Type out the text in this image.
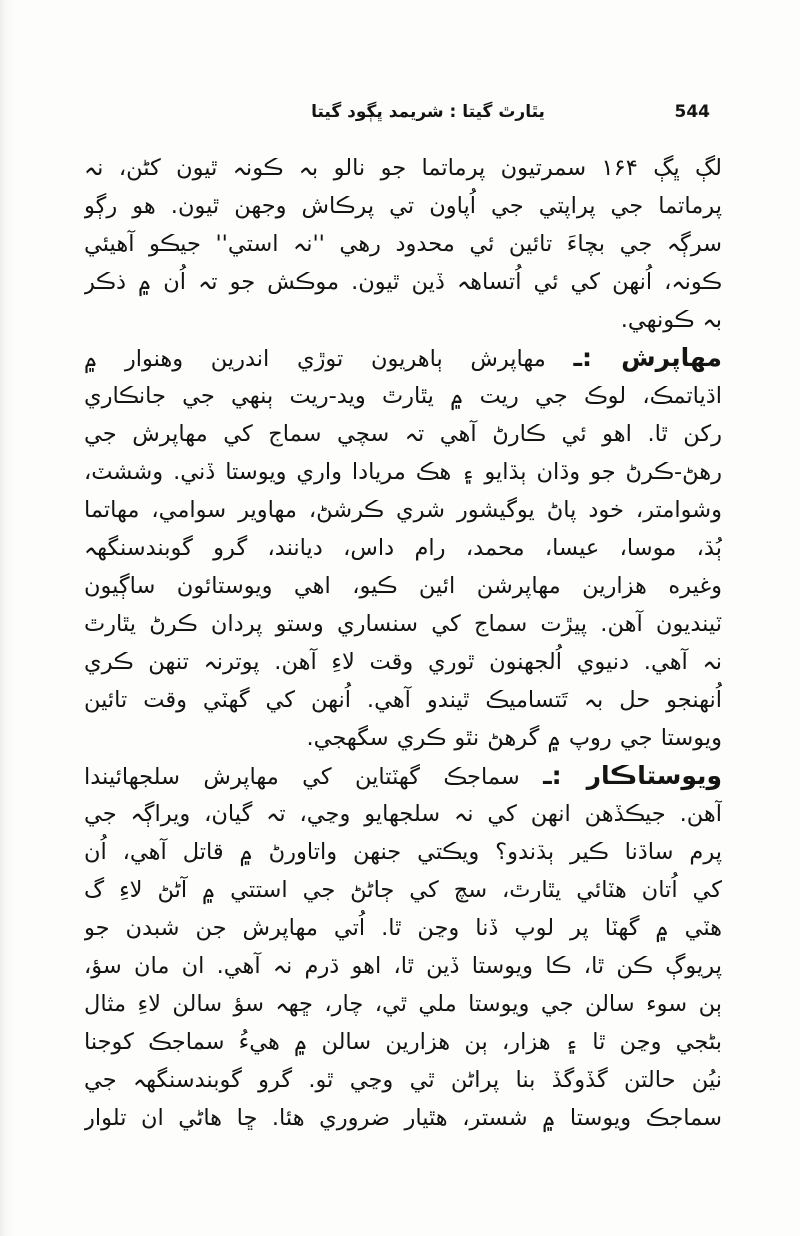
544
يٿارٿ گيتا : شريمد ڀڳود گيتا
لڳ ڀڳ ۱۶۴ سمرتيون پرماتما جو نالو بہ ڪونہ ٿيون کڻن، نہ
پرماتما جي پراپتي جي اُپاون تي پرڪاش وجهن ٿيون. هو رڳو
سرڳہ جي بچاءَ تائين ئي محدود رهي ''نہ استي'' جيڪو آهيئي
ڪونہ، اُنهن کي ئي اُتساهہ ڏين ٿيون. موڪش جو تہ اُن ۾ ذڪر
بہ ڪونهي.
مهاپرش :ـ مهاپرش ٻاهريون توڙي اندرين وهنوار ۾
اڌياتمڪ، لوڪ جي ريت ۾ يٿارٿ ويد-ريت ٻنهي جي جانڪاري
رکن ٿا. اهو ئي ڪارڻ آهي تہ سچي سماج کي مهاپرش جي
رهڻ-ڪرڻ جو وڌان ٻڌايو ۽ هڪ مريادا واري ويوستا ڏني. وششٽ،
وشوامتر، خود پاڻ يوگيشور شري ڪرشڻ، مهاوير سوامي، مهاتما
ٻُڌ، موسا، عيسا، محمد، رام داس، ديانند، گرو گوبندسنگهہ
وغيره هزارين مهاپرشن ائين ڪيو، اهي ويوستائون ساڳيون
ٽينديون آهن. پيڙت سماج کي سنساري وستو پردان ڪرڻ يٿارٿ
نہ آهي. دنيوي اُلجهنون ٿوري وقت لاءِ آهن. پوترنہ تنهن ڪري
اُنهنجو حل بہ تَتساميڪ ٿيندو آهي. اُنهن کي گهٽي وقت تائين
ويوستا جي روپ ۾ گرهڻ نٿو ڪري سگهجي.
ويوستاڪار :ـ سماجڪ گهٽتاين کي مهاپرش سلجهائيندا
آهن. جيڪڏهن انهن کي نہ سلجهايو وڃي، تہ گيان، ويراڳہ جي
پرم ساڌنا ڪير ٻڌندو؟ ويڪتي جنهن واتاورڻ ۾ قاتل آهي، اُن
کي اُتان هٽائي يٿارٿ، سچ کي ڄاڻڻ جي استتي ۾ آڻڻ لاءِ گ
هٽي ۾ گهٽا پر لوپ ڏنا وڃن ٿا. اُتي مهاپرش جن شبدن جو
پريوڳ ڪن ٿا، ڪا ويوستا ڏين ٿا، اهو ڌرم نہ آهي. ان مان سؤ،
ٻن سوء سالن جي ويوستا ملي ٿي، چار، ڇهہ سؤ سالن لاءِ مثال
بڻجي وڃن ٿا ۽ هزار، ٻن هزارين سالن ۾ هيءُ سماجڪ کوجنا
نيُن حالتن گڏوگڏ بنا پراڻن ٿي وڃي ٿو. گرو گوبندسنگهہ جي
سماجڪ ويوستا ۾ شستر، هٿيار ضروري هئا. ڇا هاڻي ان تلوار
